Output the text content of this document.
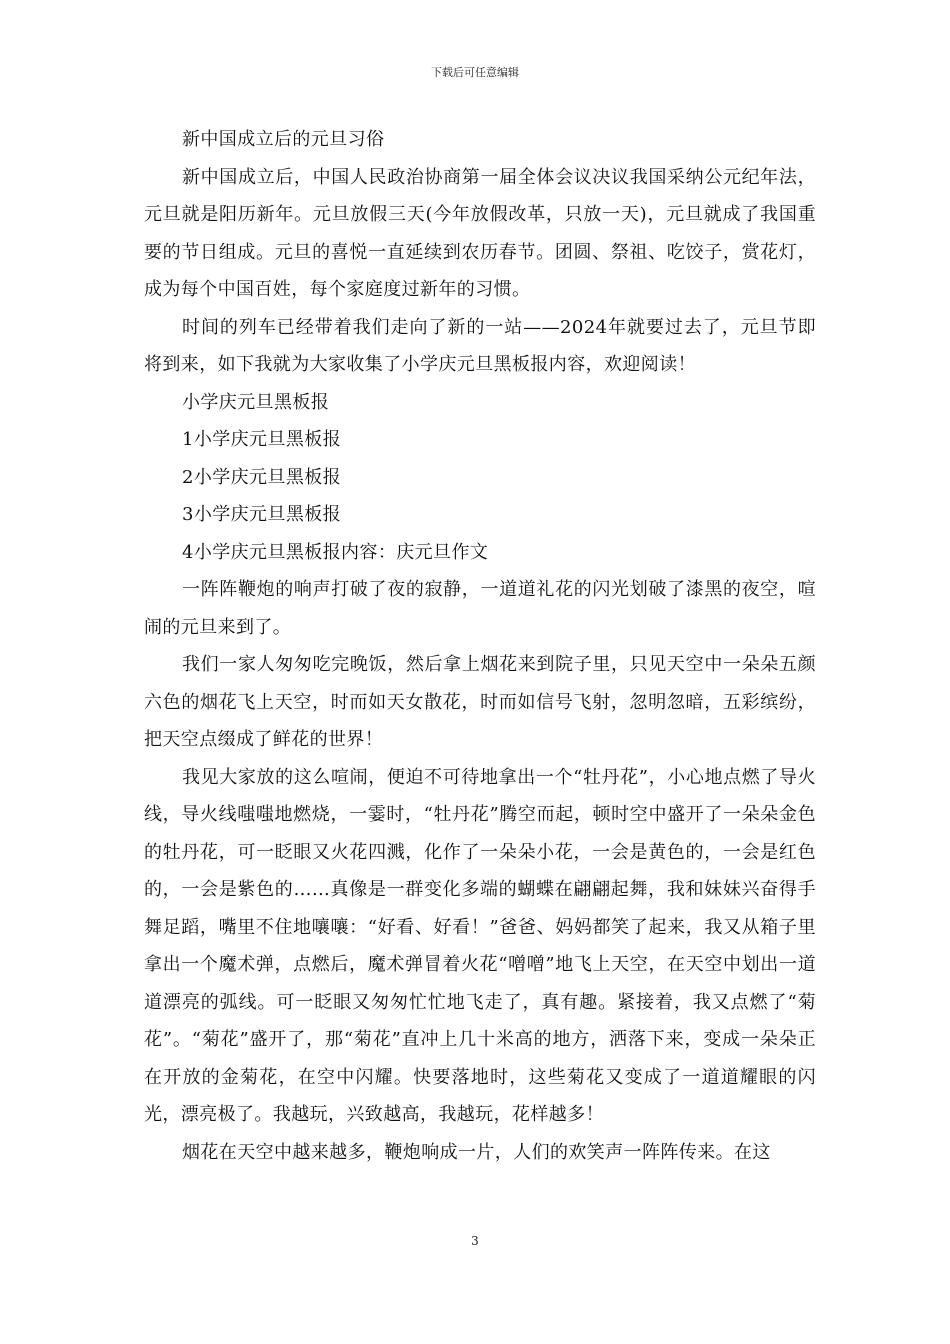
下载后可任意编辑

新中国成立后的元旦习俗

新中国成立后，中国人民政治协商第一届全体会议决议我国采纳公元纪年法，元旦就是阳历新年。元旦放假三天(今年放假改革，只放一天)，元旦就成了我国重要的节日组成。元旦的喜悦一直延续到农历春节。团圆、祭祖、吃饺子，赏花灯，成为每个中国百姓，每个家庭度过新年的习惯。

时间的列车已经带着我们走向了新的一站——2024年就要过去了，元旦节即将到来，如下我就为大家收集了小学庆元旦黑板报内容，欢迎阅读！

小学庆元旦黑板报

1小学庆元旦黑板报

2小学庆元旦黑板报

3小学庆元旦黑板报

4小学庆元旦黑板报内容：庆元旦作文

一阵阵鞭炮的响声打破了夜的寂静，一道道礼花的闪光划破了漆黑的夜空，喧闹的元旦来到了。

我们一家人匆匆吃完晚饭，然后拿上烟花来到院子里，只见天空中一朵朵五颜六色的烟花飞上天空，时而如天女散花，时而如信号飞射，忽明忽暗，五彩缤纷，把天空点缀成了鲜花的世界！

我见大家放的这么喧闹，便迫不可待地拿出一个“牡丹花”，小心地点燃了导火线，导火线嗤嗤地燃烧，一霎时，“牡丹花”腾空而起，顿时空中盛开了一朵朵金色的牡丹花，可一眨眼又火花四溅，化作了一朵朵小花，一会是黄色的，一会是红色的，一会是紫色的……真像是一群变化多端的蝴蝶在翩翩起舞，我和妹妹兴奋得手舞足蹈，嘴里不住地嚷嚷：“好看、好看！”爸爸、妈妈都笑了起来，我又从箱子里拿出一个魔术弹，点燃后，魔术弹冒着火花“噌噌”地飞上天空，在天空中划出一道道漂亮的弧线。可一眨眼又匆匆忙忙地飞走了，真有趣。紧接着，我又点燃了“菊花”。“菊花”盛开了，那“菊花”直冲上几十米高的地方，洒落下来，变成一朵朵正在开放的金菊花，在空中闪耀。快要落地时，这些菊花又变成了一道道耀眼的闪光，漂亮极了。我越玩，兴致越高，我越玩，花样越多！

烟花在天空中越来越多，鞭炮响成一片，人们的欢笑声一阵阵传来。在这

3
